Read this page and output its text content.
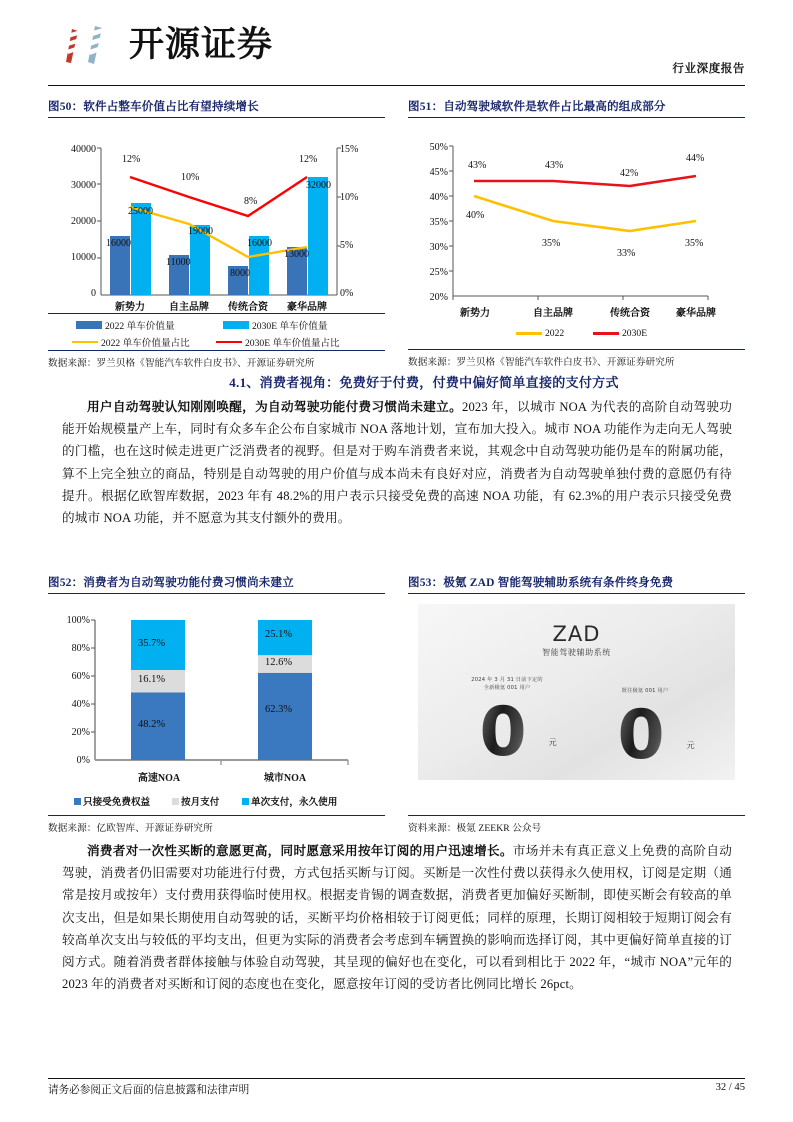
开源证券
行业深度报告
图50：软件占整车价值占比有望持续增长
40000
30000
20000
10000
0
15%
10%
5%
0%
16000
11000
8000
13000
25000
19000
16000
32000
12%
10%
8%
12%
新势力	自主品牌	传统合资	豪华品牌
2022 单车价值量	2030E 单车价值量
2022 单车价值量占比	2030E 单车价值量占比
数据来源：罗兰贝格《智能汽车软件白皮书》、开源证券研究所
图51：自动驾驶域软件是软件占比最高的组成部分
50%
45%
40%
35%
30%
25%
20%
43%	43%
42%
44%
40%
35%
33%
35%
新势力	自主品牌	传统合资	豪华品牌
2022	2030E
数据来源：罗兰贝格《智能汽车软件白皮书》、开源证券研究所
4.1、消费者视角：免费好于付费，付费中偏好简单直接的支付方式
用户自动驾驶认知刚刚唤醒，为自动驾驶功能付费习惯尚未建立。2023 年，以城市 NOA 为代表的高阶自动驾驶功能开始规模量产上车，同时有众多车企公布自家城市 NOA 落地计划，宣布加大投入。城市 NOA 功能作为走向无人驾驶的门槛，也在这时候走进更广泛消费者的视野。但是对于购车消费者来说，其观念中自动驾驶功能仍是车的附属功能，算不上完全独立的商品，特别是自动驾驶的用户价值与成本尚未有良好对应，消费者为自动驾驶单独付费的意愿仍有待提升。根据亿欧智库数据，2023 年有 48.2%的用户表示只接受免费的高速 NOA 功能，有 62.3%的用户表示只接受免费的城市 NOA 功能，并不愿意为其支付额外的费用。
图52：消费者为自动驾驶功能付费习惯尚未建立
100%
80%
60%
40%
20%
0%
48.2%
16.1%
35.7%
62.3%
12.6%
25.1%
高速NOA	城市NOA
只接受免费权益	按月支付	单次支付，永久使用
数据来源：亿欧智库、开源证券研究所
图53：极氪 ZAD 智能驾驶辅助系统有条件终身免费
ZAD
智能驾驶辅助系统
2024 年 3 月 31 日前下定的
全新极氪 001 用户
0	$^元$
既往极氪 001 用户
0	$^元$
资料来源：极氪 ZEEKR 公众号
消费者对一次性买断的意愿更高，同时愿意采用按年订阅的用户迅速增长。市场并未有真正意义上免费的高阶自动驾驶，消费者仍旧需要对功能进行付费，方式包括买断与订阅。买断是一次性付费以获得永久使用权，订阅是定期（通常是按月或按年）支付费用获得临时使用权。根据麦肯锡的调查数据，消费者更加偏好买断制，即使买断会有较高的单次支出，但是如果长期使用自动驾驶的话，买断平均价格相较于订阅更低；同样的原理，长期订阅相较于短期订阅会有较高单次支出与较低的平均支出，但更为实际的消费者会考虑到车辆置换的影响而选择订阅，其中更偏好简单直接的订阅方式。随着消费者群体接触与体验自动驾驶，其呈现的偏好也在变化，可以看到相比于 2022 年，“城市 NOA”元年的 2023 年的消费者对买断和订阅的态度也在变化，愿意按年订阅的受访者比例同比增长 26pct。
请务必参阅正文后面的信息披露和法律声明	32 / 45
